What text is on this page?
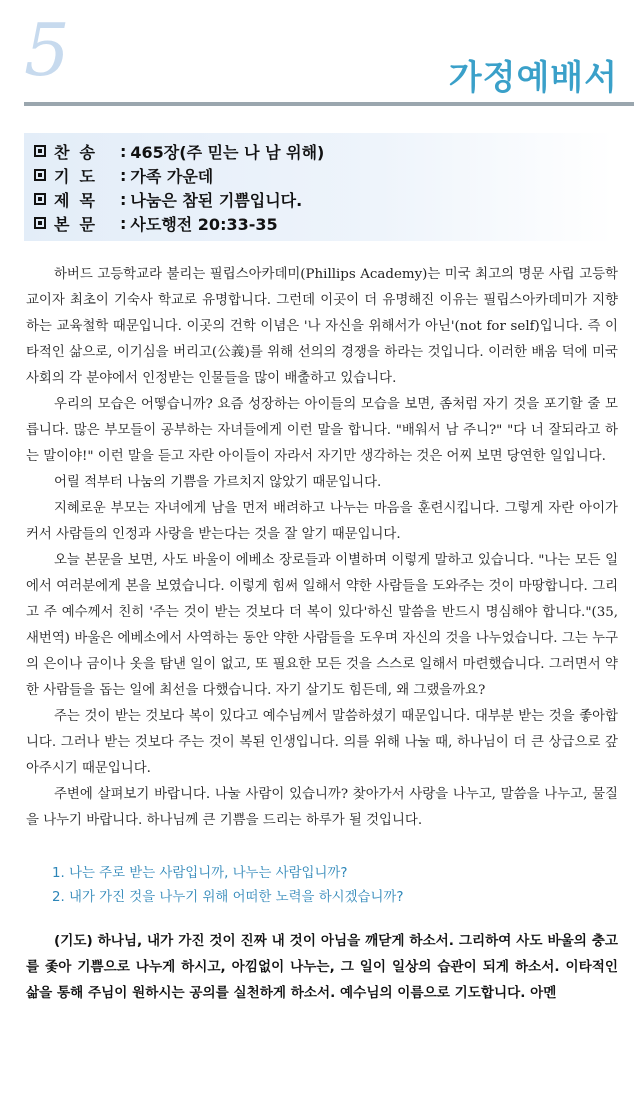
5	가정예배서
찬송 : 465장(주 믿는 나 남 위해)
기도 : 가족 가운데
제목 : 나눔은 참된 기쁨입니다.
본문 : 사도행전 20:33-35

하버드 고등학교라 불리는 필립스아카데미(Phillips Academy)는 미국 최고의 명문 사립 고등학교이자 최초이 기숙사 학교로 유명합니다. 그런데 이곳이 더 유명해진 이유는 필립스아카데미가 지향하는 교육철학 때문입니다. 이곳의 건학 이념은 '나 자신을 위해서가 아닌'(not for self)입니다. 즉 이타적인 삶으로, 이기심을 버리고(公義)를 위해 선의의 경쟁을 하라는 것입니다. 이러한 배움 덕에 미국 사회의 각 분야에서 인정받는 인물들을 많이 배출하고 있습니다.

우리의 모습은 어떻습니까? 요즘 성장하는 아이들의 모습을 보면, 좀처럼 자기 것을 포기할 줄 모릅니다. 많은 부모들이 공부하는 자녀들에게 이런 말을 합니다. "배워서 남 주니?" "다 너 잘되라고 하는 말이야!" 이런 말을 듣고 자란 아이들이 자라서 자기만 생각하는 것은 어찌 보면 당연한 일입니다.

어릴 적부터 나눔의 기쁨을 가르치지 않았기 때문입니다.

지혜로운 부모는 자녀에게 남을 먼저 배려하고 나누는 마음을 훈련시킵니다. 그렇게 자란 아이가 커서 사람들의 인정과 사랑을 받는다는 것을 잘 알기 때문입니다.

오늘 본문을 보면, 사도 바울이 에베소 장로들과 이별하며 이렇게 말하고 있습니다. "나는 모든 일에서 여러분에게 본을 보였습니다. 이렇게 힘써 일해서 약한 사람들을 도와주는 것이 마땅합니다. 그리고 주 예수께서 친히 '주는 것이 받는 것보다 더 복이 있다'하신 말씀을 반드시 명심해야 합니다."(35, 새번역) 바울은 에베소에서 사역하는 동안 약한 사람들을 도우며 자신의 것을 나누었습니다. 그는 누구의 은이나 금이나 옷을 탐낸 일이 없고, 또 필요한 모든 것을 스스로 일해서 마련했습니다. 그러면서 약한 사람들을 돕는 일에 최선을 다했습니다. 자기 살기도 힘든데, 왜 그랬을까요?

주는 것이 받는 것보다 복이 있다고 예수님께서 말씀하셨기 때문입니다. 대부분 받는 것을 좋아합니다. 그러나 받는 것보다 주는 것이 복된 인생입니다. 의를 위해 나눌 때, 하나님이 더 큰 상급으로 갚아주시기 때문입니다.

주변에 살펴보기 바랍니다. 나눌 사람이 있습니까? 찾아가서 사랑을 나누고, 말씀을 나누고, 물질을 나누기 바랍니다. 하나님께 큰 기쁨을 드리는 하루가 될 것입니다.

1. 나는 주로 받는 사람입니까, 나누는 사람입니까?
2. 내가 가진 것을 나누기 위해 어떠한 노력을 하시겠습니까?
(기도) 하나님, 내가 가진 것이 진짜 내 것이 아님을 깨닫게 하소서. 그리하여 사도 바울의 충고를 좇아 기쁨으로 나누게 하시고, 아낌없이 나누는, 그 일이 일상의 습관이 되게 하소서. 이타적인 삶을 통해 주님이 원하시는 공의를 실천하게 하소서. 예수님의 이름으로 기도합니다. 아멘
